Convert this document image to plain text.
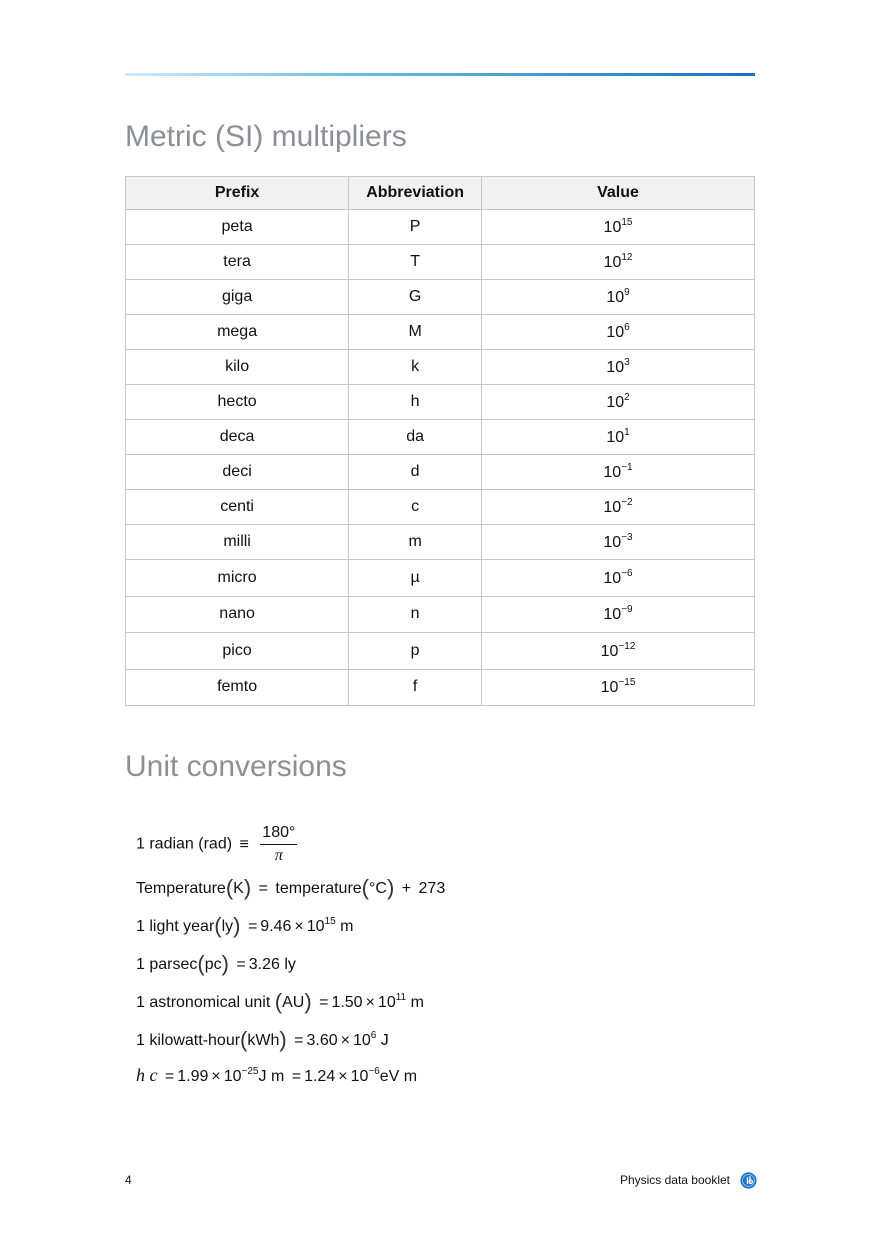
Metric (SI) multipliers
Prefix	Abbreviation	Value
peta	P	$10^{15}$
tera	T	$10^{12}$
giga	G	$10^9$
mega	M	$10^6$
kilo	k	$10^3$
hecto	h	$10^2$
deca	da	$10^1$
deci	d	$10^{-1}$
centi	c	$10^{-2}$
milli	m	$10^{-3}$
micro	µ	$10^{-6}$
nano	n	$10^{-9}$
pico	p	$10^{-12}$
femto	f	$10^{-15}$
Unit conversions
1 radian $(rad) \equiv \frac{180^\circ}{\pi}$
Temperature(K) = temperature(°C) + 273
1 light year(ly) = $9.46 \times 10^{15}$ m
1 parsec(pc) = 3.26 ly
1 astronomical unit $(AU) = 1.50 \times 10^{11}$ m
1 kilowatt-hour(kWh) = $3.60 \times 10^6$ J
h $c = 1.99 \times 10^{-25}J$ $m = 1.24 \times 10^{-6}eV$ m
4	Physics data booklet
